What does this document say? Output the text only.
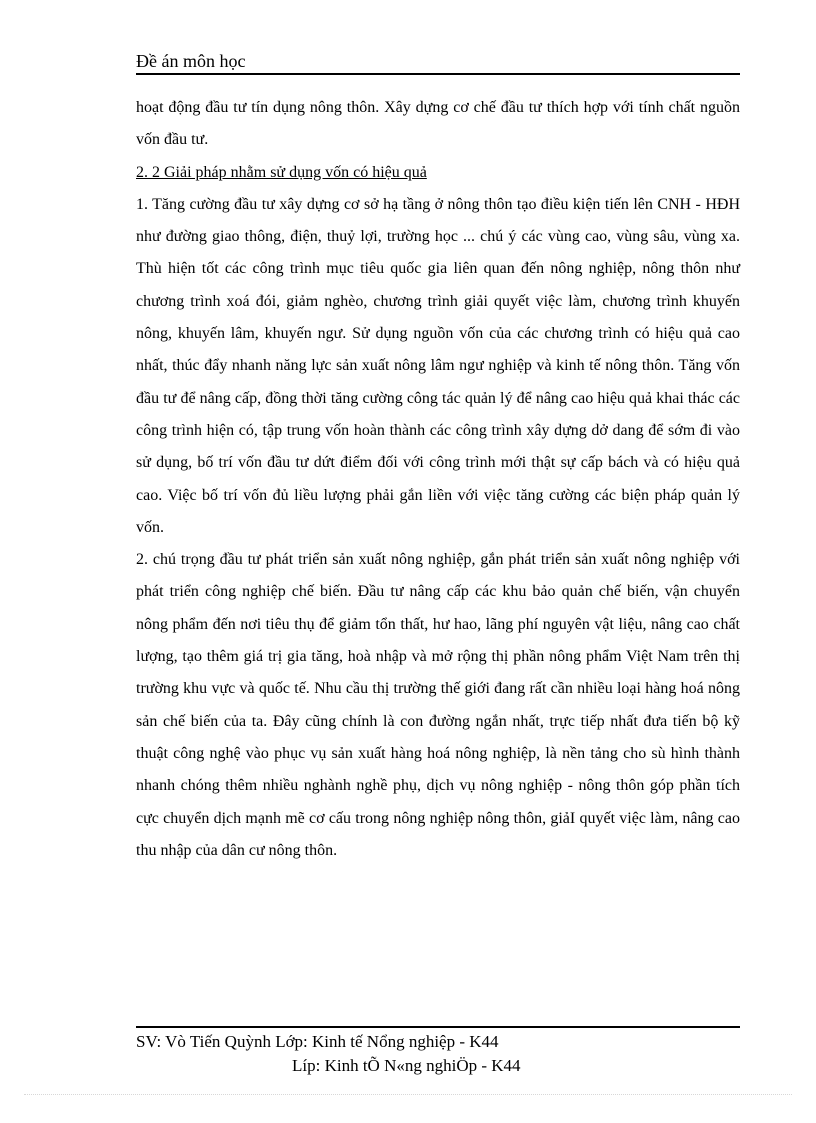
Đề án môn học

hoạt động đầu tư tín dụng nông thôn. Xây dựng cơ chế đầu tư thích hợp với tính chất nguồn vốn đầu tư.

2. 2 Giải pháp nhằm sử dụng vốn có hiệu quả

1. Tăng cường đầu tư xây dựng cơ sở hạ tầng ở nông thôn tạo điều kiện tiến lên CNH - HĐH như đường giao thông, điện, thuỷ lợi, trường học ... chú ý các vùng cao, vùng sâu, vùng xa. Thù hiện tốt các công trình mục tiêu quốc gia liên quan đến nông nghiệp, nông thôn như chương trình xoá đói, giảm nghèo, chương trình giải quyết việc làm, chương trình khuyến nông, khuyến lâm, khuyến ngư. Sử dụng nguồn vốn của các chương trình có hiệu quả cao nhất, thúc đẩy nhanh năng lực sản xuất nông lâm ngư nghiệp và kinh tế nông thôn. Tăng vốn đầu tư để nâng cấp, đồng thời tăng cường công tác quản lý để nâng cao hiệu quả khai thác các công trình hiện có, tập trung vốn hoàn thành các công trình xây dựng dở dang để sớm đi vào sử dụng, bố trí vốn đầu tư dứt điểm đối với công trình mới thật sự cấp bách và có hiệu quả cao. Việc bố trí vốn đủ liều lượng phải gắn liền với việc tăng cường các biện pháp quản lý vốn.

2. chú trọng đầu tư phát triển sản xuất nông nghiệp, gắn phát triển sản xuất nông nghiệp với phát triển công nghiệp chế biến. Đầu tư nâng cấp các khu bảo quản chế biến, vận chuyển nông phẩm đến nơi tiêu thụ để giảm tổn thất, hư hao, lãng phí nguyên vật liệu, nâng cao chất lượng, tạo thêm giá trị gia tăng, hoà nhập và mở rộng thị phần nông phẩm Việt Nam trên thị trường khu vực và quốc tế. Nhu cầu thị trường thế giới đang rất cần nhiều loại hàng hoá nông sản chế biến của ta. Đây cũng chính là con đường ngắn nhất, trực tiếp nhất đưa tiến bộ kỹ thuật công nghệ vào phục vụ sản xuất hàng hoá nông nghiệp, là nền tảng cho sù hình thành nhanh chóng thêm nhiều nghành nghề phụ, dịch vụ nông nghiệp - nông thôn góp phần tích cực chuyển dịch mạnh mẽ cơ cấu trong nông nghiệp nông thôn, giảI quyết việc làm, nâng cao thu nhập của dân cư nông thôn.

SV: Vò Tiến Quỳnh Lớp: Kinh tế Nổng nghiệp - K44
Líp: Kinh tÕ N«ng nghiÖp - K44
